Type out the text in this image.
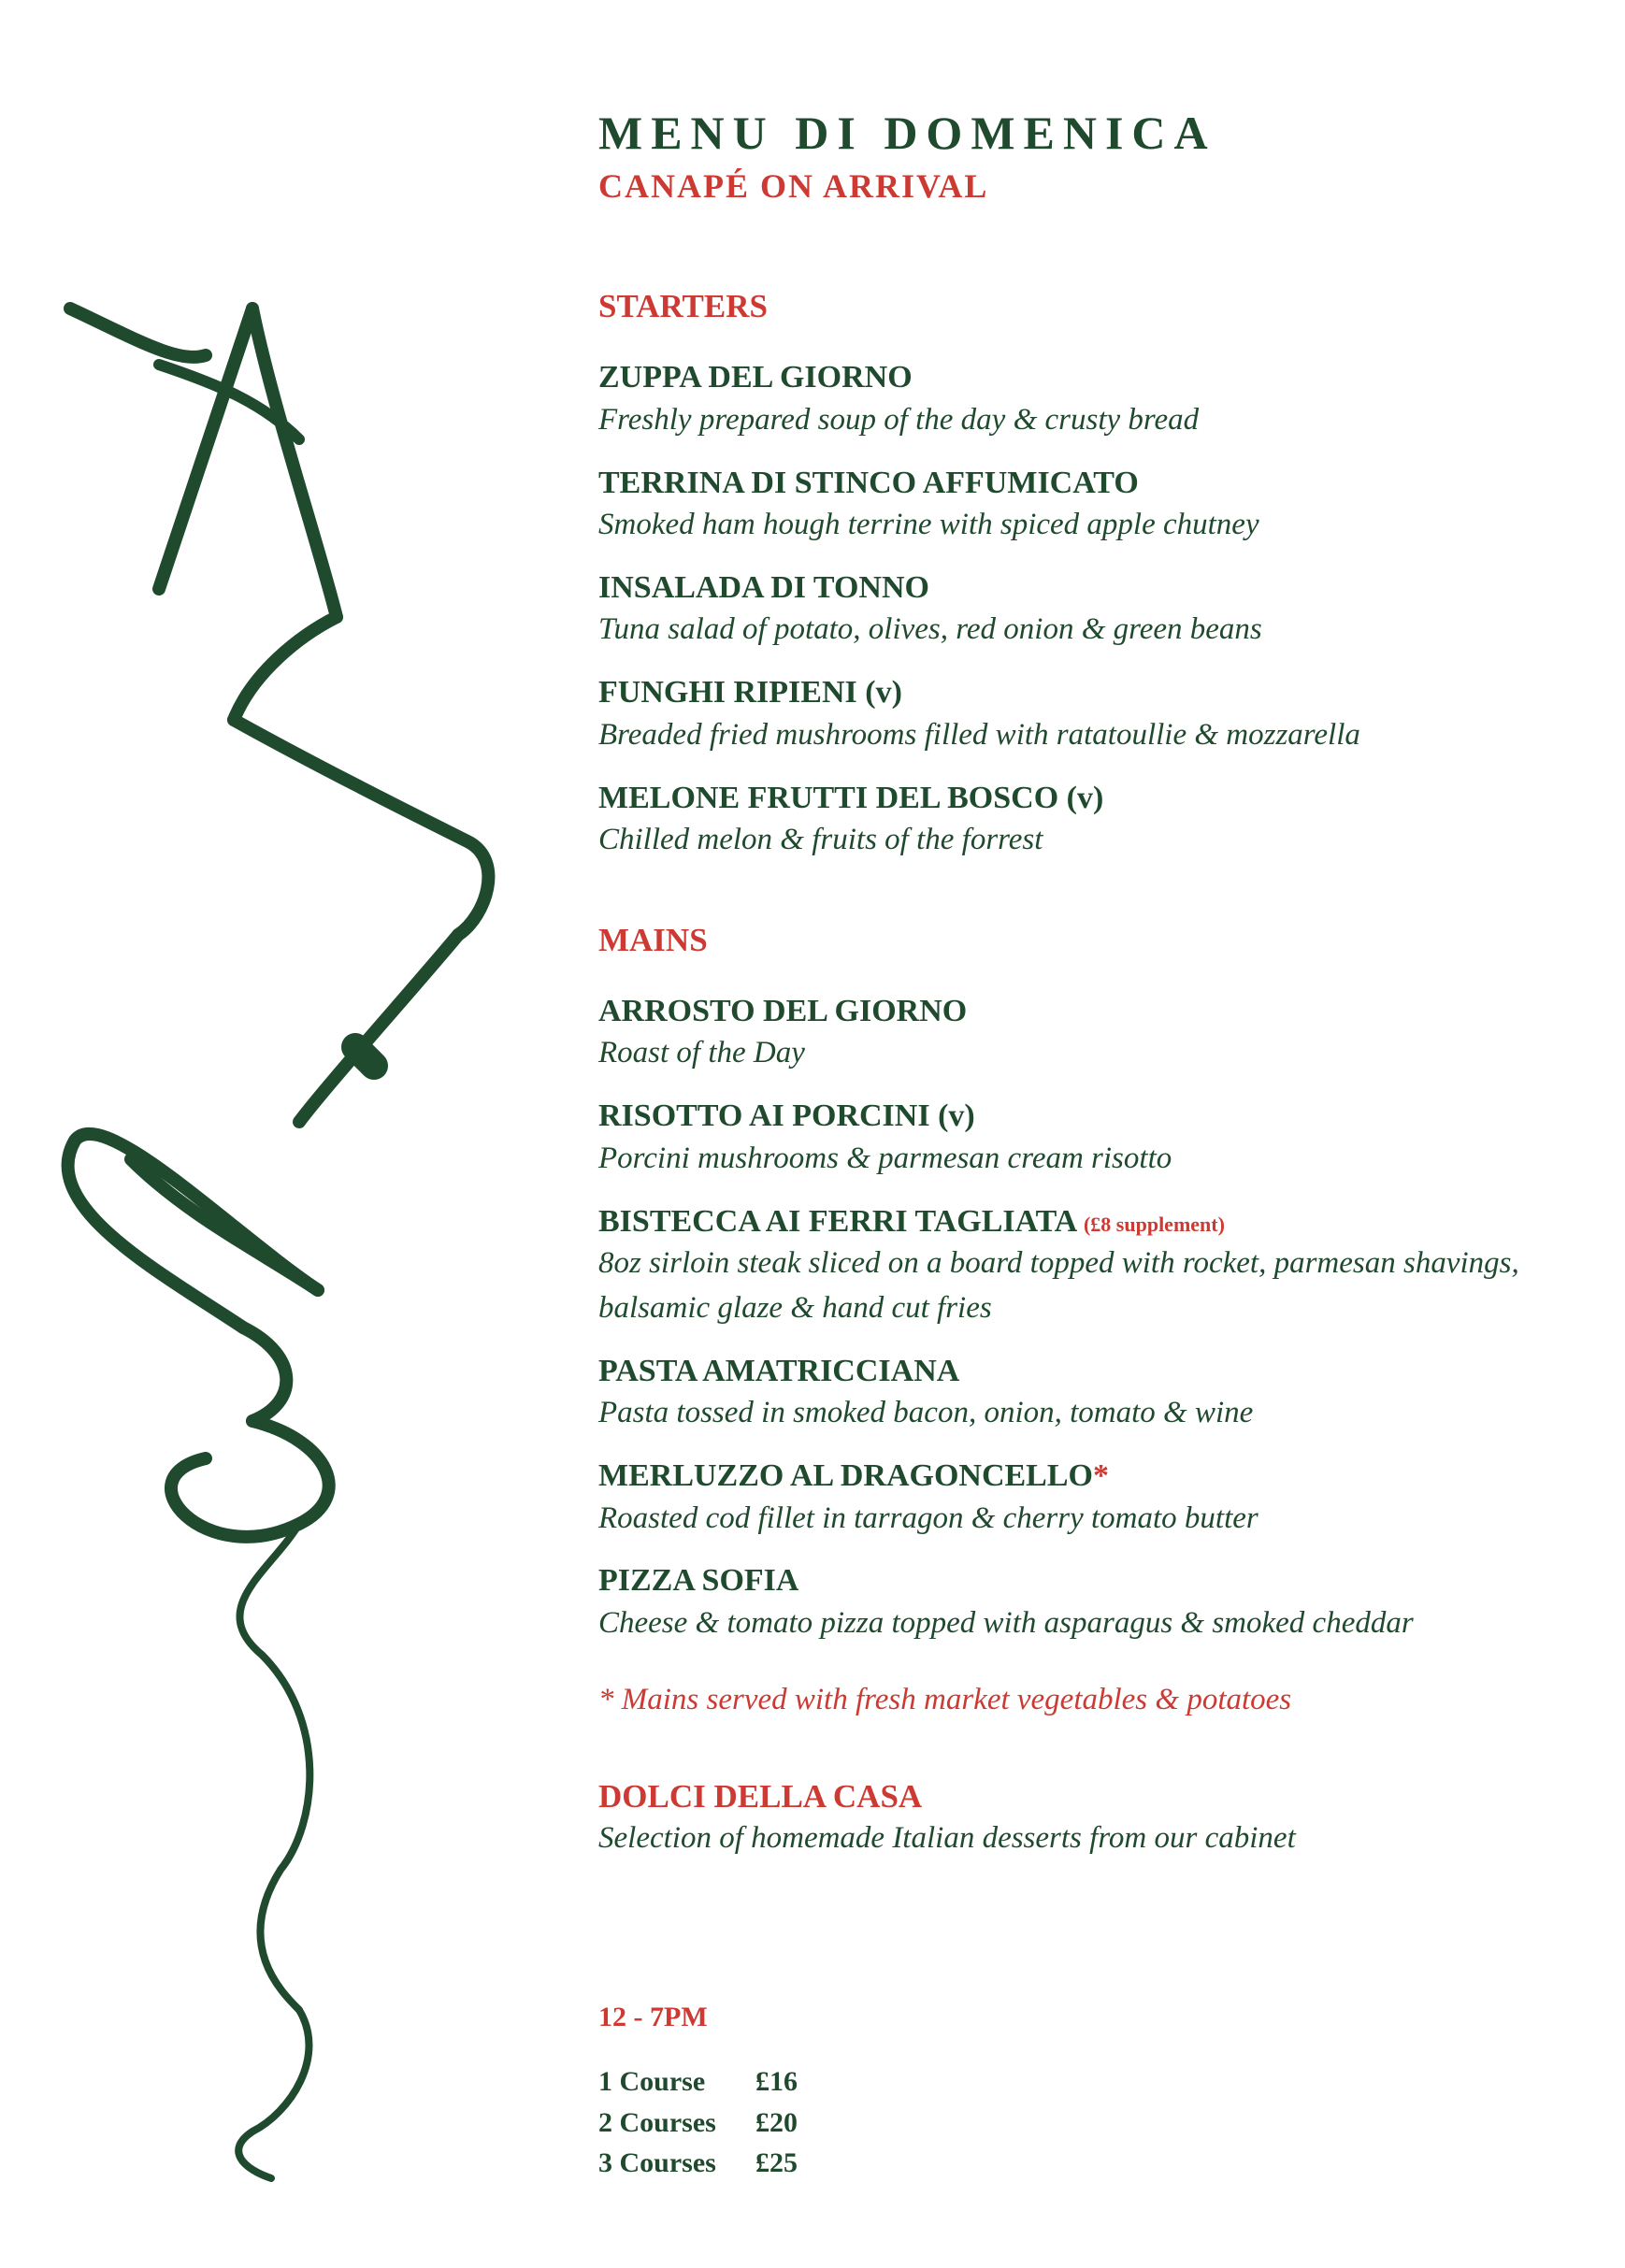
MENU DI DOMENICA
CANAPÉ ON ARRIVAL
STARTERS
ZUPPA DEL GIORNO
Freshly prepared soup of the day & crusty bread
TERRINA DI STINCO AFFUMICATO
Smoked ham hough terrine with spiced apple chutney
INSALADA DI TONNO
Tuna salad of potato, olives, red onion & green beans
FUNGHI RIPIENI (v)
Breaded fried mushrooms filled with ratatoullie & mozzarella
MELONE FRUTTI DEL BOSCO (v)
Chilled melon & fruits of the forrest
MAINS
ARROSTO DEL GIORNO
Roast of the Day
RISOTTO AI PORCINI (v)
Porcini mushrooms & parmesan cream risotto
BISTECCA AI FERRI TAGLIATA (£8 supplement)
8oz sirloin steak sliced on a board topped with rocket, parmesan shavings,
balsamic glaze & hand cut fries
PASTA AMATRICCIANA
Pasta tossed in smoked bacon, onion, tomato & wine
MERLUZZO AL DRAGONCELLO*
Roasted cod fillet in tarragon & cherry tomato butter
PIZZA SOFIA
Cheese & tomato pizza topped with asparagus & smoked cheddar
* Mains served with fresh market vegetables & potatoes
DOLCI DELLA CASA
Selection of homemade Italian desserts from our cabinet
12 - 7PM
1 Course	£16
2 Courses	£20
3 Courses	£25
